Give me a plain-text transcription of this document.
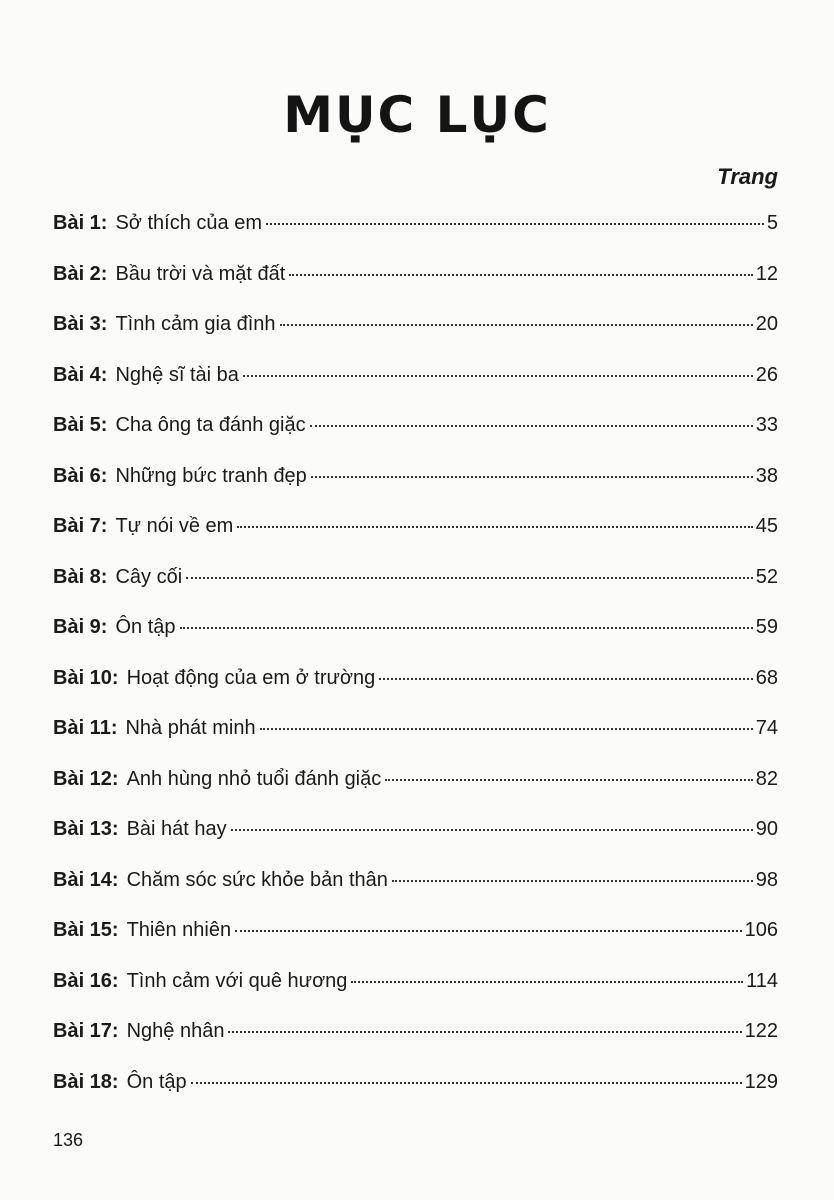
MỤC LỤC
Trang
Bài 1: Sở thích của em	5
Bài 2: Bầu trời và mặt đất	12
Bài 3: Tình cảm gia đình	20
Bài 4: Nghệ sĩ tài ba	26
Bài 5: Cha ông ta đánh giặc	33
Bài 6: Những bức tranh đẹp	38
Bài 7: Tự nói về em	45
Bài 8: Cây cối	52
Bài 9: Ôn tập	59
Bài 10: Hoạt động của em ở trường	68
Bài 11: Nhà phát minh	74
Bài 12: Anh hùng nhỏ tuổi đánh giặc	82
Bài 13: Bài hát hay	90
Bài 14: Chăm sóc sức khỏe bản thân	98
Bài 15: Thiên nhiên	106
Bài 16: Tình cảm với quê hương	114
Bài 17: Nghệ nhân	122
Bài 18: Ôn tập	129
136
